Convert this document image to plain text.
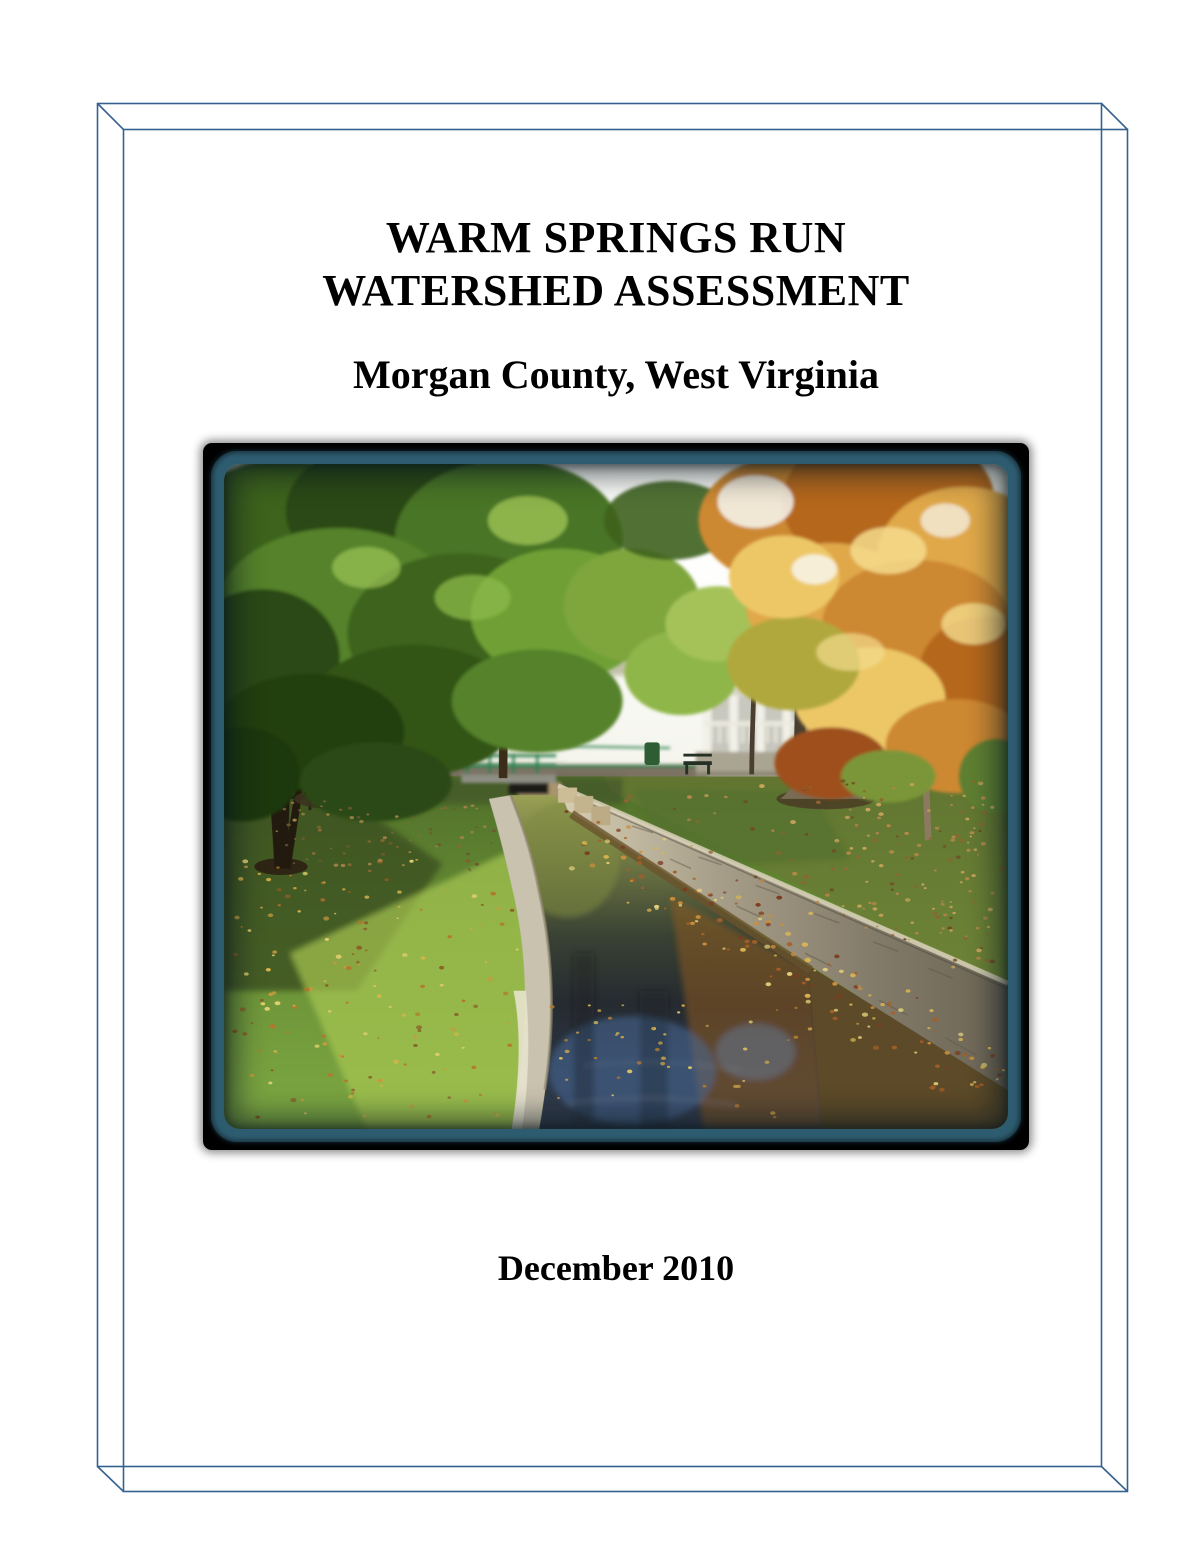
WARM SPRINGS RUN
WATERSHED ASSESSMENT
Morgan County, West Virginia
December 2010
